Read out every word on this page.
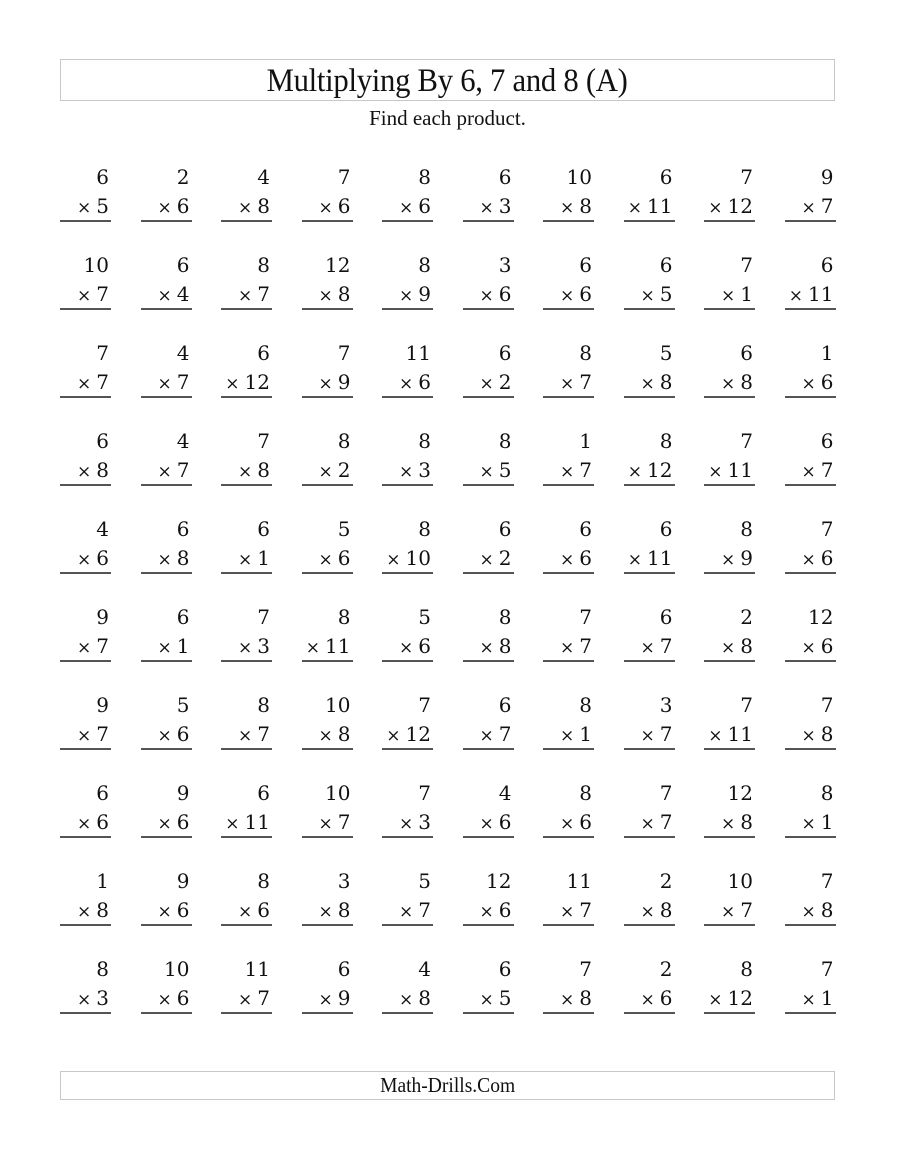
Multiplying By 6, 7 and 8 (A)
Find each product.
6
× 5
2
× 6
4
× 8
7
× 6
8
× 6
6
× 3
10
× 8
6
× 11
7
× 12
9
× 7
10
× 7
6
× 4
8
× 7
12
× 8
8
× 9
3
× 6
6
× 6
6
× 5
7
× 1
6
× 11
7
× 7
4
× 7
6
× 12
7
× 9
11
× 6
6
× 2
8
× 7
5
× 8
6
× 8
1
× 6
6
× 8
4
× 7
7
× 8
8
× 2
8
× 3
8
× 5
1
× 7
8
× 12
7
× 11
6
× 7
4
× 6
6
× 8
6
× 1
5
× 6
8
× 10
6
× 2
6
× 6
6
× 11
8
× 9
7
× 6
9
× 7
6
× 1
7
× 3
8
× 11
5
× 6
8
× 8
7
× 7
6
× 7
2
× 8
12
× 6
9
× 7
5
× 6
8
× 7
10
× 8
7
× 12
6
× 7
8
× 1
3
× 7
7
× 11
7
× 8
6
× 6
9
× 6
6
× 11
10
× 7
7
× 3
4
× 6
8
× 6
7
× 7
12
× 8
8
× 1
1
× 8
9
× 6
8
× 6
3
× 8
5
× 7
12
× 6
11
× 7
2
× 8
10
× 7
7
× 8
8
× 3
10
× 6
11
× 7
6
× 9
4
× 8
6
× 5
7
× 8
2
× 6
8
× 12
7
× 1
Math-Drills.Com
